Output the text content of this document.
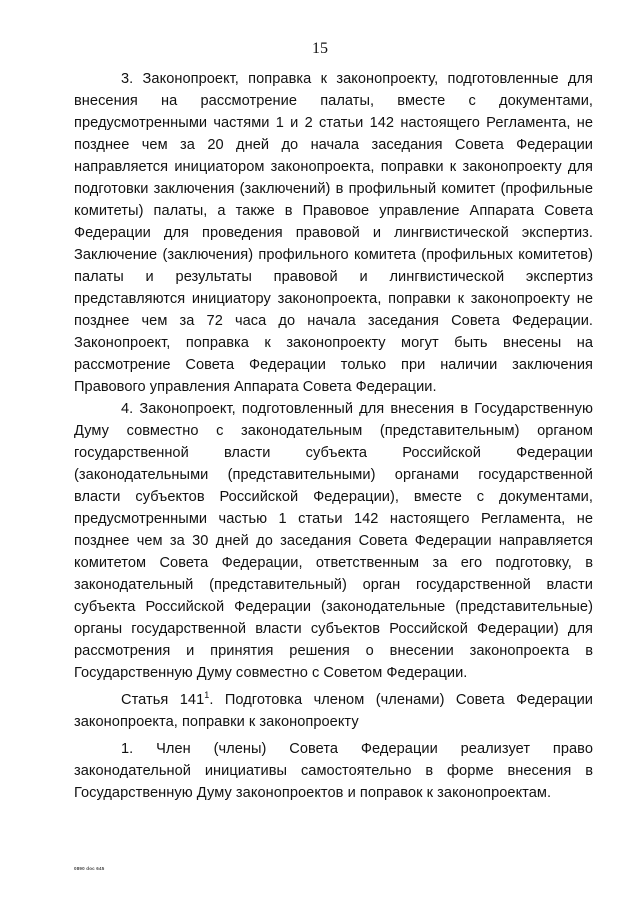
15

3. Законопроект, поправка к законопроекту, подготовленные для внесения на рассмотрение палаты, вместе с документами, предусмотренными частями 1 и 2 статьи 142 настоящего Регламента, не позднее чем за 20 дней до начала заседания Совета Федерации направляется инициатором законопроекта, поправки к законопроекту для подготовки заключения (заключений) в профильный комитет (профильные комитеты) палаты, а также в Правовое управление Аппарата Совета Федерации для проведения правовой и лингвистической экспертиз. Заключение (заключения) профильного комитета (профильных комитетов) палаты и результаты правовой и лингвистической экспертиз представляются инициатору законопроекта, поправки к законопроекту не позднее чем за 72 часа до начала заседания Совета Федерации. Законопроект, поправка к законопроекту могут быть внесены на рассмотрение Совета Федерации только при наличии заключения Правового управления Аппарата Совета Федерации.

4. Законопроект, подготовленный для внесения в Государственную Думу совместно с законодательным (представительным) органом государственной власти субъекта Российской Федерации (законодательными (представительными) органами государственной власти субъектов Российской Федерации), вместе с документами, предусмотренными частью 1 статьи 142 настоящего Регламента, не позднее чем за 30 дней до заседания Совета Федерации направляется комитетом Совета Федерации, ответственным за его подготовку, в законодательный (представительный) орган государственной власти субъекта Российской Федерации (законодательные (представительные) органы государственной власти субъектов Российской Федерации) для рассмотрения и принятия решения о внесении законопроекта в Государственную Думу совместно с Советом Федерации.

Статья $141^1$. Подготовка членом (членами) Совета Федерации законопроекта, поправки к законопроекту

1. Член (члены) Совета Федерации реализует право законодательной инициативы самостоятельно в форме внесения в Государственную Думу законопроектов и поправок к законопроектам.

0890 doc 645
